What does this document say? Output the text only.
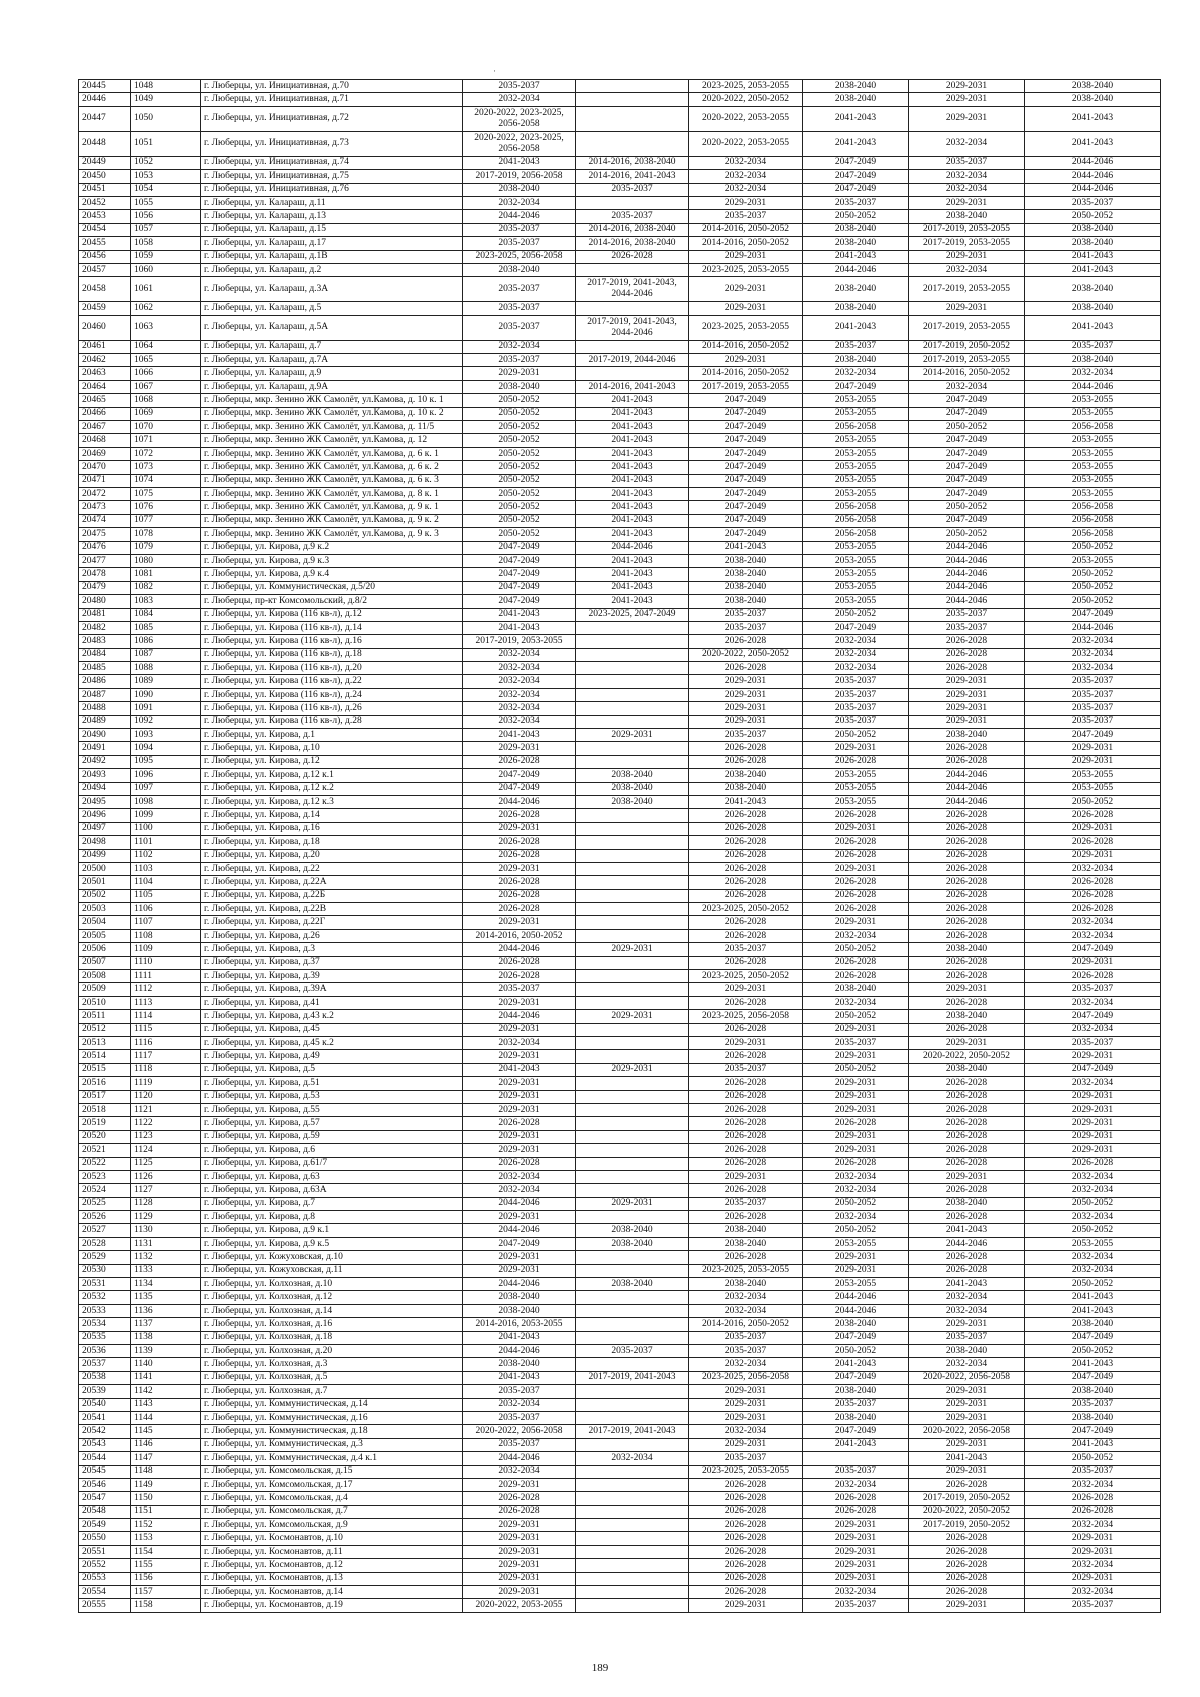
·
20445	1048	г. Люберцы, ул. Инициативная, д.70	2035-2037		2023-2025, 2053-2055	2038-2040	2029-2031	2038-2040
20446	1049	г. Люберцы, ул. Инициативная, д.71	2032-2034		2020-2022, 2050-2052	2038-2040	2029-2031	2038-2040
20447	1050	г. Люберцы, ул. Инициативная, д.72	2020-2022, 2023-2025, 2056-2058		2020-2022, 2053-2055	2041-2043	2029-2031	2041-2043
20448	1051	г. Люберцы, ул. Инициативная, д.73	2020-2022, 2023-2025, 2056-2058		2020-2022, 2053-2055	2041-2043	2032-2034	2041-2043
20449	1052	г. Люберцы, ул. Инициативная, д.74	2041-2043	2014-2016, 2038-2040	2032-2034	2047-2049	2035-2037	2044-2046
20450	1053	г. Люберцы, ул. Инициативная, д.75	2017-2019, 2056-2058	2014-2016, 2041-2043	2032-2034	2047-2049	2032-2034	2044-2046
20451	1054	г. Люберцы, ул. Инициативная, д.76	2038-2040	2035-2037	2032-2034	2047-2049	2032-2034	2044-2046
20452	1055	г. Люберцы, ул. Калараш, д.11	2032-2034		2029-2031	2035-2037	2029-2031	2035-2037
20453	1056	г. Люберцы, ул. Калараш, д.13	2044-2046	2035-2037	2035-2037	2050-2052	2038-2040	2050-2052
20454	1057	г. Люберцы, ул. Калараш, д.15	2035-2037	2014-2016, 2038-2040	2014-2016, 2050-2052	2038-2040	2017-2019, 2053-2055	2038-2040
20455	1058	г. Люберцы, ул. Калараш, д.17	2035-2037	2014-2016, 2038-2040	2014-2016, 2050-2052	2038-2040	2017-2019, 2053-2055	2038-2040
20456	1059	г. Люберцы, ул. Калараш, д.1В	2023-2025, 2056-2058	2026-2028	2029-2031	2041-2043	2029-2031	2041-2043
20457	1060	г. Люберцы, ул. Калараш, д.2	2038-2040		2023-2025, 2053-2055	2044-2046	2032-2034	2041-2043
20458	1061	г. Люберцы, ул. Калараш, д.3А	2035-2037	2017-2019, 2041-2043, 2044-2046	2029-2031	2038-2040	2017-2019, 2053-2055	2038-2040
20459	1062	г. Люберцы, ул. Калараш, д.5	2035-2037		2029-2031	2038-2040	2029-2031	2038-2040
20460	1063	г. Люберцы, ул. Калараш, д.5А	2035-2037	2017-2019, 2041-2043, 2044-2046	2023-2025, 2053-2055	2041-2043	2017-2019, 2053-2055	2041-2043
20461	1064	г. Люберцы, ул. Калараш, д.7	2032-2034		2014-2016, 2050-2052	2035-2037	2017-2019, 2050-2052	2035-2037
20462	1065	г. Люберцы, ул. Калараш, д.7А	2035-2037	2017-2019, 2044-2046	2029-2031	2038-2040	2017-2019, 2053-2055	2038-2040
20463	1066	г. Люберцы, ул. Калараш, д.9	2029-2031		2014-2016, 2050-2052	2032-2034	2014-2016, 2050-2052	2032-2034
20464	1067	г. Люберцы, ул. Калараш, д.9А	2038-2040	2014-2016, 2041-2043	2017-2019, 2053-2055	2047-2049	2032-2034	2044-2046
20465	1068	г. Люберцы, мкр. Зенино ЖК Самолёт, ул.Камова, д. 10 к. 1	2050-2052	2041-2043	2047-2049	2053-2055	2047-2049	2053-2055
20466	1069	г. Люберцы, мкр. Зенино ЖК Самолёт, ул.Камова, д. 10 к. 2	2050-2052	2041-2043	2047-2049	2053-2055	2047-2049	2053-2055
20467	1070	г. Люберцы, мкр. Зенино ЖК Самолёт, ул.Камова, д. 11/5	2050-2052	2041-2043	2047-2049	2056-2058	2050-2052	2056-2058
20468	1071	г. Люберцы, мкр. Зенино ЖК Самолёт, ул.Камова, д. 12	2050-2052	2041-2043	2047-2049	2053-2055	2047-2049	2053-2055
20469	1072	г. Люберцы, мкр. Зенино ЖК Самолёт, ул.Камова, д. 6 к. 1	2050-2052	2041-2043	2047-2049	2053-2055	2047-2049	2053-2055
20470	1073	г. Люберцы, мкр. Зенино ЖК Самолёт, ул.Камова, д. 6 к. 2	2050-2052	2041-2043	2047-2049	2053-2055	2047-2049	2053-2055
20471	1074	г. Люберцы, мкр. Зенино ЖК Самолёт, ул.Камова, д. 6 к. 3	2050-2052	2041-2043	2047-2049	2053-2055	2047-2049	2053-2055
20472	1075	г. Люберцы, мкр. Зенино ЖК Самолёт, ул.Камова, д. 8 к. 1	2050-2052	2041-2043	2047-2049	2053-2055	2047-2049	2053-2055
20473	1076	г. Люберцы, мкр. Зенино ЖК Самолёт, ул.Камова, д. 9 к. 1	2050-2052	2041-2043	2047-2049	2056-2058	2050-2052	2056-2058
20474	1077	г. Люберцы, мкр. Зенино ЖК Самолёт, ул.Камова, д. 9 к. 2	2050-2052	2041-2043	2047-2049	2056-2058	2047-2049	2056-2058
20475	1078	г. Люберцы, мкр. Зенино ЖК Самолёт, ул.Камова, д. 9 к. 3	2050-2052	2041-2043	2047-2049	2056-2058	2050-2052	2056-2058
20476	1079	г. Люберцы, ул. Кирова, д.9 к.2	2047-2049	2044-2046	2041-2043	2053-2055	2044-2046	2050-2052
20477	1080	г. Люберцы, ул. Кирова, д.9 к.3	2047-2049	2041-2043	2038-2040	2053-2055	2044-2046	2053-2055
20478	1081	г. Люберцы, ул. Кирова, д.9 к.4	2047-2049	2041-2043	2038-2040	2053-2055	2044-2046	2050-2052
20479	1082	г. Люберцы, ул. Коммунистическая, д.5/20	2047-2049	2041-2043	2038-2040	2053-2055	2044-2046	2050-2052
20480	1083	г. Люберцы, пр-кт Комсомольский, д.8/2	2047-2049	2041-2043	2038-2040	2053-2055	2044-2046	2050-2052
20481	1084	г. Люберцы, ул. Кирова (116 кв-л), д.12	2041-2043	2023-2025, 2047-2049	2035-2037	2050-2052	2035-2037	2047-2049
20482	1085	г. Люберцы, ул. Кирова (116 кв-л), д.14	2041-2043		2035-2037	2047-2049	2035-2037	2044-2046
20483	1086	г. Люберцы, ул. Кирова (116 кв-л), д.16	2017-2019, 2053-2055		2026-2028	2032-2034	2026-2028	2032-2034
20484	1087	г. Люберцы, ул. Кирова (116 кв-л), д.18	2032-2034		2020-2022, 2050-2052	2032-2034	2026-2028	2032-2034
20485	1088	г. Люберцы, ул. Кирова (116 кв-л), д.20	2032-2034		2026-2028	2032-2034	2026-2028	2032-2034
20486	1089	г. Люберцы, ул. Кирова (116 кв-л), д.22	2032-2034		2029-2031	2035-2037	2029-2031	2035-2037
20487	1090	г. Люберцы, ул. Кирова (116 кв-л), д.24	2032-2034		2029-2031	2035-2037	2029-2031	2035-2037
20488	1091	г. Люберцы, ул. Кирова (116 кв-л), д.26	2032-2034		2029-2031	2035-2037	2029-2031	2035-2037
20489	1092	г. Люберцы, ул. Кирова (116 кв-л), д.28	2032-2034		2029-2031	2035-2037	2029-2031	2035-2037
20490	1093	г. Люберцы, ул. Кирова, д.1	2041-2043	2029-2031	2035-2037	2050-2052	2038-2040	2047-2049
20491	1094	г. Люберцы, ул. Кирова, д.10	2029-2031		2026-2028	2029-2031	2026-2028	2029-2031
20492	1095	г. Люберцы, ул. Кирова, д.12	2026-2028		2026-2028	2026-2028	2026-2028	2029-2031
20493	1096	г. Люберцы, ул. Кирова, д.12 к.1	2047-2049	2038-2040	2038-2040	2053-2055	2044-2046	2053-2055
20494	1097	г. Люберцы, ул. Кирова, д.12 к.2	2047-2049	2038-2040	2038-2040	2053-2055	2044-2046	2053-2055
20495	1098	г. Люберцы, ул. Кирова, д.12 к.3	2044-2046	2038-2040	2041-2043	2053-2055	2044-2046	2050-2052
20496	1099	г. Люберцы, ул. Кирова, д.14	2026-2028		2026-2028	2026-2028	2026-2028	2026-2028
20497	1100	г. Люберцы, ул. Кирова, д.16	2029-2031		2026-2028	2029-2031	2026-2028	2029-2031
20498	1101	г. Люберцы, ул. Кирова, д.18	2026-2028		2026-2028	2026-2028	2026-2028	2026-2028
20499	1102	г. Люберцы, ул. Кирова, д.20	2026-2028		2026-2028	2026-2028	2026-2028	2029-2031
20500	1103	г. Люберцы, ул. Кирова, д.22	2029-2031		2026-2028	2029-2031	2026-2028	2032-2034
20501	1104	г. Люберцы, ул. Кирова, д.22А	2026-2028		2026-2028	2026-2028	2026-2028	2026-2028
20502	1105	г. Люберцы, ул. Кирова, д.22Б	2026-2028		2026-2028	2026-2028	2026-2028	2026-2028
20503	1106	г. Люберцы, ул. Кирова, д.22В	2026-2028		2023-2025, 2050-2052	2026-2028	2026-2028	2026-2028
20504	1107	г. Люберцы, ул. Кирова, д.22Г	2029-2031		2026-2028	2029-2031	2026-2028	2032-2034
20505	1108	г. Люберцы, ул. Кирова, д.26	2014-2016, 2050-2052		2026-2028	2032-2034	2026-2028	2032-2034
20506	1109	г. Люберцы, ул. Кирова, д.3	2044-2046	2029-2031	2035-2037	2050-2052	2038-2040	2047-2049
20507	1110	г. Люберцы, ул. Кирова, д.37	2026-2028		2026-2028	2026-2028	2026-2028	2029-2031
20508	1111	г. Люберцы, ул. Кирова, д.39	2026-2028		2023-2025, 2050-2052	2026-2028	2026-2028	2026-2028
20509	1112	г. Люберцы, ул. Кирова, д.39А	2035-2037		2029-2031	2038-2040	2029-2031	2035-2037
20510	1113	г. Люберцы, ул. Кирова, д.41	2029-2031		2026-2028	2032-2034	2026-2028	2032-2034
20511	1114	г. Люберцы, ул. Кирова, д.43 к.2	2044-2046	2029-2031	2023-2025, 2056-2058	2050-2052	2038-2040	2047-2049
20512	1115	г. Люберцы, ул. Кирова, д.45	2029-2031		2026-2028	2029-2031	2026-2028	2032-2034
20513	1116	г. Люберцы, ул. Кирова, д.45 к.2	2032-2034		2029-2031	2035-2037	2029-2031	2035-2037
20514	1117	г. Люберцы, ул. Кирова, д.49	2029-2031		2026-2028	2029-2031	2020-2022, 2050-2052	2029-2031
20515	1118	г. Люберцы, ул. Кирова, д.5	2041-2043	2029-2031	2035-2037	2050-2052	2038-2040	2047-2049
20516	1119	г. Люберцы, ул. Кирова, д.51	2029-2031		2026-2028	2029-2031	2026-2028	2032-2034
20517	1120	г. Люберцы, ул. Кирова, д.53	2029-2031		2026-2028	2029-2031	2026-2028	2029-2031
20518	1121	г. Люберцы, ул. Кирова, д.55	2029-2031		2026-2028	2029-2031	2026-2028	2029-2031
20519	1122	г. Люберцы, ул. Кирова, д.57	2026-2028		2026-2028	2026-2028	2026-2028	2029-2031
20520	1123	г. Люберцы, ул. Кирова, д.59	2029-2031		2026-2028	2029-2031	2026-2028	2029-2031
20521	1124	г. Люберцы, ул. Кирова, д.6	2029-2031		2026-2028	2029-2031	2026-2028	2029-2031
20522	1125	г. Люберцы, ул. Кирова, д.61/7	2026-2028		2026-2028	2026-2028	2026-2028	2026-2028
20523	1126	г. Люберцы, ул. Кирова, д.63	2032-2034		2029-2031	2032-2034	2029-2031	2032-2034
20524	1127	г. Люберцы, ул. Кирова, д.63А	2032-2034		2026-2028	2032-2034	2026-2028	2032-2034
20525	1128	г. Люберцы, ул. Кирова, д.7	2044-2046	2029-2031	2035-2037	2050-2052	2038-2040	2050-2052
20526	1129	г. Люберцы, ул. Кирова, д.8	2029-2031		2026-2028	2032-2034	2026-2028	2032-2034
20527	1130	г. Люберцы, ул. Кирова, д.9 к.1	2044-2046	2038-2040	2038-2040	2050-2052	2041-2043	2050-2052
20528	1131	г. Люберцы, ул. Кирова, д.9 к.5	2047-2049	2038-2040	2038-2040	2053-2055	2044-2046	2053-2055
20529	1132	г. Люберцы, ул. Кожуховская, д.10	2029-2031		2026-2028	2029-2031	2026-2028	2032-2034
20530	1133	г. Люберцы, ул. Кожуховская, д.11	2029-2031		2023-2025, 2053-2055	2029-2031	2026-2028	2032-2034
20531	1134	г. Люберцы, ул. Колхозная, д.10	2044-2046	2038-2040	2038-2040	2053-2055	2041-2043	2050-2052
20532	1135	г. Люберцы, ул. Колхозная, д.12	2038-2040		2032-2034	2044-2046	2032-2034	2041-2043
20533	1136	г. Люберцы, ул. Колхозная, д.14	2038-2040		2032-2034	2044-2046	2032-2034	2041-2043
20534	1137	г. Люберцы, ул. Колхозная, д.16	2014-2016, 2053-2055		2014-2016, 2050-2052	2038-2040	2029-2031	2038-2040
20535	1138	г. Люберцы, ул. Колхозная, д.18	2041-2043		2035-2037	2047-2049	2035-2037	2047-2049
20536	1139	г. Люберцы, ул. Колхозная, д.20	2044-2046	2035-2037	2035-2037	2050-2052	2038-2040	2050-2052
20537	1140	г. Люберцы, ул. Колхозная, д.3	2038-2040		2032-2034	2041-2043	2032-2034	2041-2043
20538	1141	г. Люберцы, ул. Колхозная, д.5	2041-2043	2017-2019, 2041-2043	2023-2025, 2056-2058	2047-2049	2020-2022, 2056-2058	2047-2049
20539	1142	г. Люберцы, ул. Колхозная, д.7	2035-2037		2029-2031	2038-2040	2029-2031	2038-2040
20540	1143	г. Люберцы, ул. Коммунистическая, д.14	2032-2034		2029-2031	2035-2037	2029-2031	2035-2037
20541	1144	г. Люберцы, ул. Коммунистическая, д.16	2035-2037		2029-2031	2038-2040	2029-2031	2038-2040
20542	1145	г. Люберцы, ул. Коммунистическая, д.18	2020-2022, 2056-2058	2017-2019, 2041-2043	2032-2034	2047-2049	2020-2022, 2056-2058	2047-2049
20543	1146	г. Люберцы, ул. Коммунистическая, д.3	2035-2037		2029-2031	2041-2043	2029-2031	2041-2043
20544	1147	г. Люберцы, ул. Коммунистическая, д.4 к.1	2044-2046	2032-2034	2035-2037		2041-2043	2050-2052
20545	1148	г. Люберцы, ул. Комсомольская, д.15	2032-2034		2023-2025, 2053-2055	2035-2037	2029-2031	2035-2037
20546	1149	г. Люберцы, ул. Комсомольская, д.17	2029-2031		2026-2028	2032-2034	2026-2028	2032-2034
20547	1150	г. Люберцы, ул. Комсомольская, д.4	2026-2028		2026-2028	2026-2028	2017-2019, 2050-2052	2026-2028
20548	1151	г. Люберцы, ул. Комсомольская, д.7	2026-2028		2026-2028	2026-2028	2020-2022, 2050-2052	2026-2028
20549	1152	г. Люберцы, ул. Комсомольская, д.9	2029-2031		2026-2028	2029-2031	2017-2019, 2050-2052	2032-2034
20550	1153	г. Люберцы, ул. Космонавтов, д.10	2029-2031		2026-2028	2029-2031	2026-2028	2029-2031
20551	1154	г. Люберцы, ул. Космонавтов, д.11	2029-2031		2026-2028	2029-2031	2026-2028	2029-2031
20552	1155	г. Люберцы, ул. Космонавтов, д.12	2029-2031		2026-2028	2029-2031	2026-2028	2032-2034
20553	1156	г. Люберцы, ул. Космонавтов, д.13	2029-2031		2026-2028	2029-2031	2026-2028	2029-2031
20554	1157	г. Люберцы, ул. Космонавтов, д.14	2029-2031		2026-2028	2032-2034	2026-2028	2032-2034
20555	1158	г. Люберцы, ул. Космонавтов, д.19	2020-2022, 2053-2055		2029-2031	2035-2037	2029-2031	2035-2037
189
